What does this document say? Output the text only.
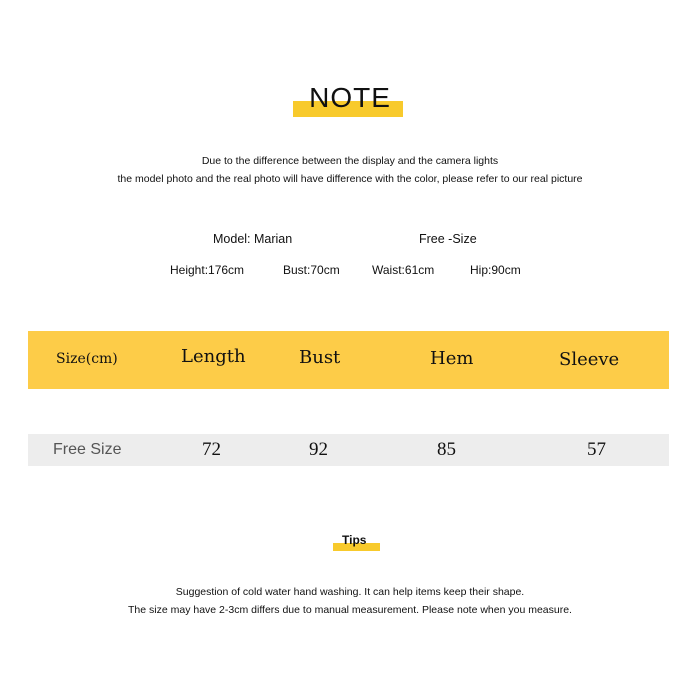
NOTE
Due to the difference between the display and the camera lights
the model photo and the real photo will have difference with the color, please refer to our real picture
Model: Marian	Free -Size
Height:176cm	Bust:70cm	Waist:61cm	Hip:90cm
Size(cm)	Length	Bust	Hem	Sleeve
Free Size	72	92	85	57
Tips
Suggestion of cold water hand washing. It can help items keep their shape.
The size may have 2-3cm differs due to manual measurement. Please note when you measure.
